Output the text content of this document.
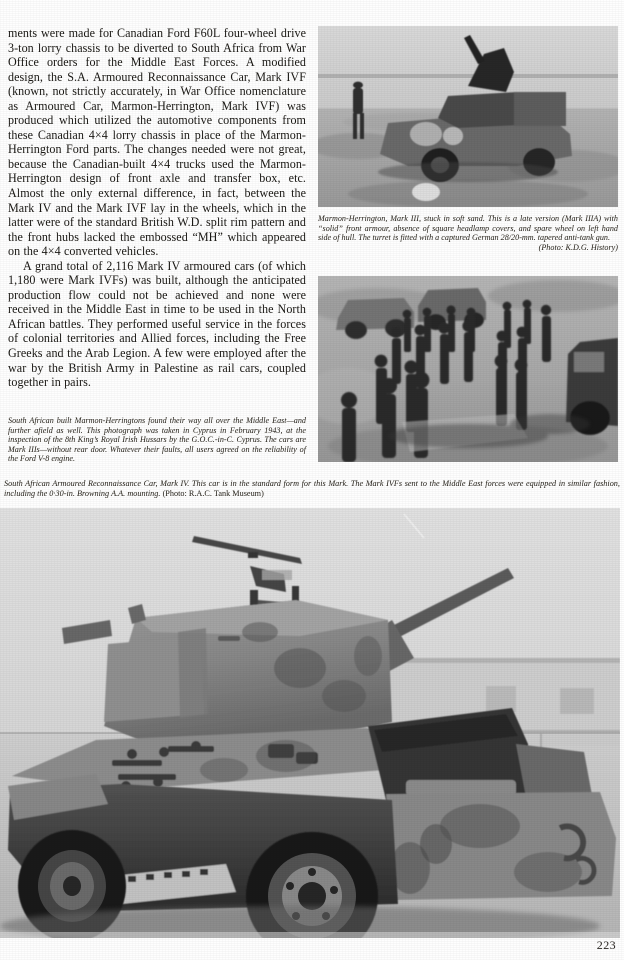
ments were made for Canadian Ford F60L four-wheel drive 3-ton lorry chassis to be diverted to South Africa from War Office orders for the Middle East Forces. A modified design, the S.A. Armoured Reconnaissance Car, Mark IVF (known, not strictly accurately, in War Office nomenclature as Armoured Car, Marmon-Herrington, Mark IVF) was produced which utilized the automotive components from these Canadian 4×4 lorry chassis in place of the Marmon-Herrington Ford parts. The changes needed were not great, because the Canadian-built 4×4 trucks used the Marmon-Herrington design of front axle and transfer box, etc. Almost the only external difference, in fact, between the Mark IV and the Mark IVF lay in the wheels, which in the latter were of the standard British W.D. split rim pattern and the front hubs lacked the embossed “MH” which appeared on the 4×4 converted vehicles.

A grand total of 2,116 Mark IV armoured cars (of which 1,180 were Mark IVFs) was built, although the anticipated production flow could not be achieved and none were received in the Middle East in time to be used in the North African battles. They performed useful service in the forces of colonial territories and Allied forces, including the Free Greeks and the Arab Legion. A few were employed after the war by the British Army in Palestine as rail cars, coupled together in pairs.

Marmon-Herrington, Mark III, stuck in soft sand. This is a late version (Mark IIIA) with “solid” front armour, absence of square headlamp covers, and spare wheel on left hand side of hull. The turret is fitted with a captured German 28/20-mm. tapered anti-tank gun.
(Photo: K.D.G. History)
South African built Marmon-Herringtons found their way all over the Middle East—and further afield as well. This photograph was taken in Cyprus in February 1943, at the inspection of the 8th King’s Royal Irish Hussars by the G.O.C.-in-C. Cyprus. The cars are Mark IIIs—without rear door. Whatever their faults, all users agreed on the reliability of the Ford V-8 engine.
South African Armoured Reconnaissance Car, Mark IV. This car is in the standard form for this Mark. The Mark IVFs sent to the Middle East forces were equipped in similar fashion, including the 0·30-in. Browning A.A. mounting. (Photo: R.A.C. Tank Museum)
223
